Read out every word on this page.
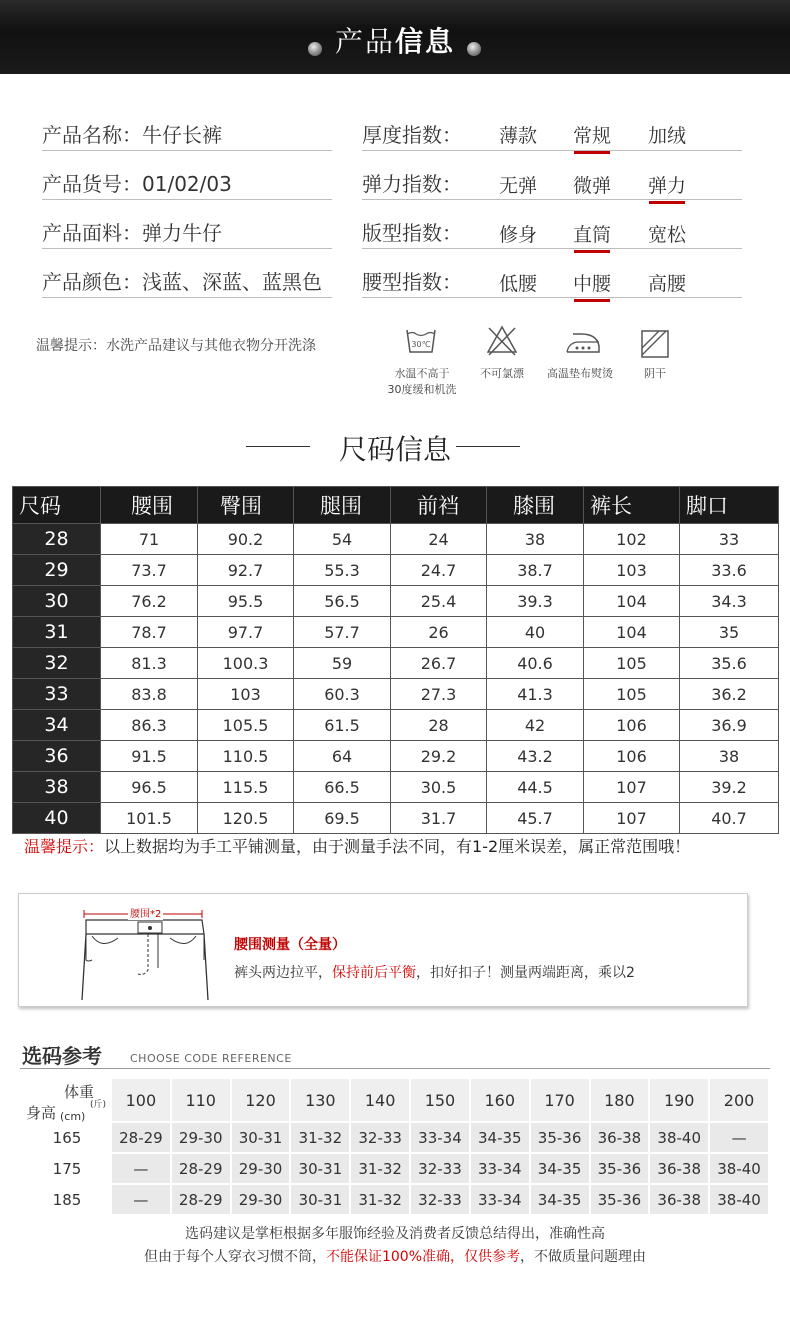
产品信息
产品名称：牛仔长裤
产品货号：01/02/03
产品面料：弹力牛仔
产品颜色：浅蓝、深蓝、蓝黑色
厚度指数：	薄款	常规	加绒
弹力指数：	无弹	微弹	弹力
版型指数：	修身	直筒	宽松
腰型指数：	低腰	中腰	高腰
温馨提示：水洗产品建议与其他衣物分开洗涤	30℃
水温不高于
30度缓和机洗
不可氯漂	高温垫布熨烫	阴干
尺码信息
尺码	腰围	臀围	腿围	前裆	膝围	裤长	脚口
28	71	90.2	54	24	38	102	33
29	73.7	92.7	55.3	24.7	38.7	103	33.6
30	76.2	95.5	56.5	25.4	39.3	104	34.3
31	78.7	97.7	57.7	26	40	104	35
32	81.3	100.3	59	26.7	40.6	105	35.6
33	83.8	103	60.3	27.3	41.3	105	36.2
34	86.3	105.5	61.5	28	42	106	36.9
36	91.5	110.5	64	29.2	43.2	106	38
38	96.5	115.5	66.5	30.5	44.5	107	39.2
40	101.5	120.5	69.5	31.7	45.7	107	40.7
温馨提示：以上数据均为手工平铺测量，由于测量手法不同，有1-2厘米误差，属正常范围哦！
腰围*2
腰围测量（全量）
裤头两边拉平，保持前后平衡，扣好扣子！测量两端距离，乘以2
选码参考	CHOOSE CODE REFERENCE
体重
(斤)
身高 (cm)	100	110	120	130	140	150	160	170	180	190	200
165	28-29	29-30	30-31	31-32	32-33	33-34	34-35	35-36	36-38	38-40	—
175	—	28-29	29-30	30-31	31-32	32-33	33-34	34-35	35-36	36-38	38-40
185	—	28-29	29-30	30-31	31-32	32-33	33-34	34-35	35-36	36-38	38-40
选码建议是掌柜根据多年服饰经验及消费者反馈总结得出，准确性高
但由于每个人穿衣习惯不筒，不能保证100%准确，仅供参考，不做质量问题理由
